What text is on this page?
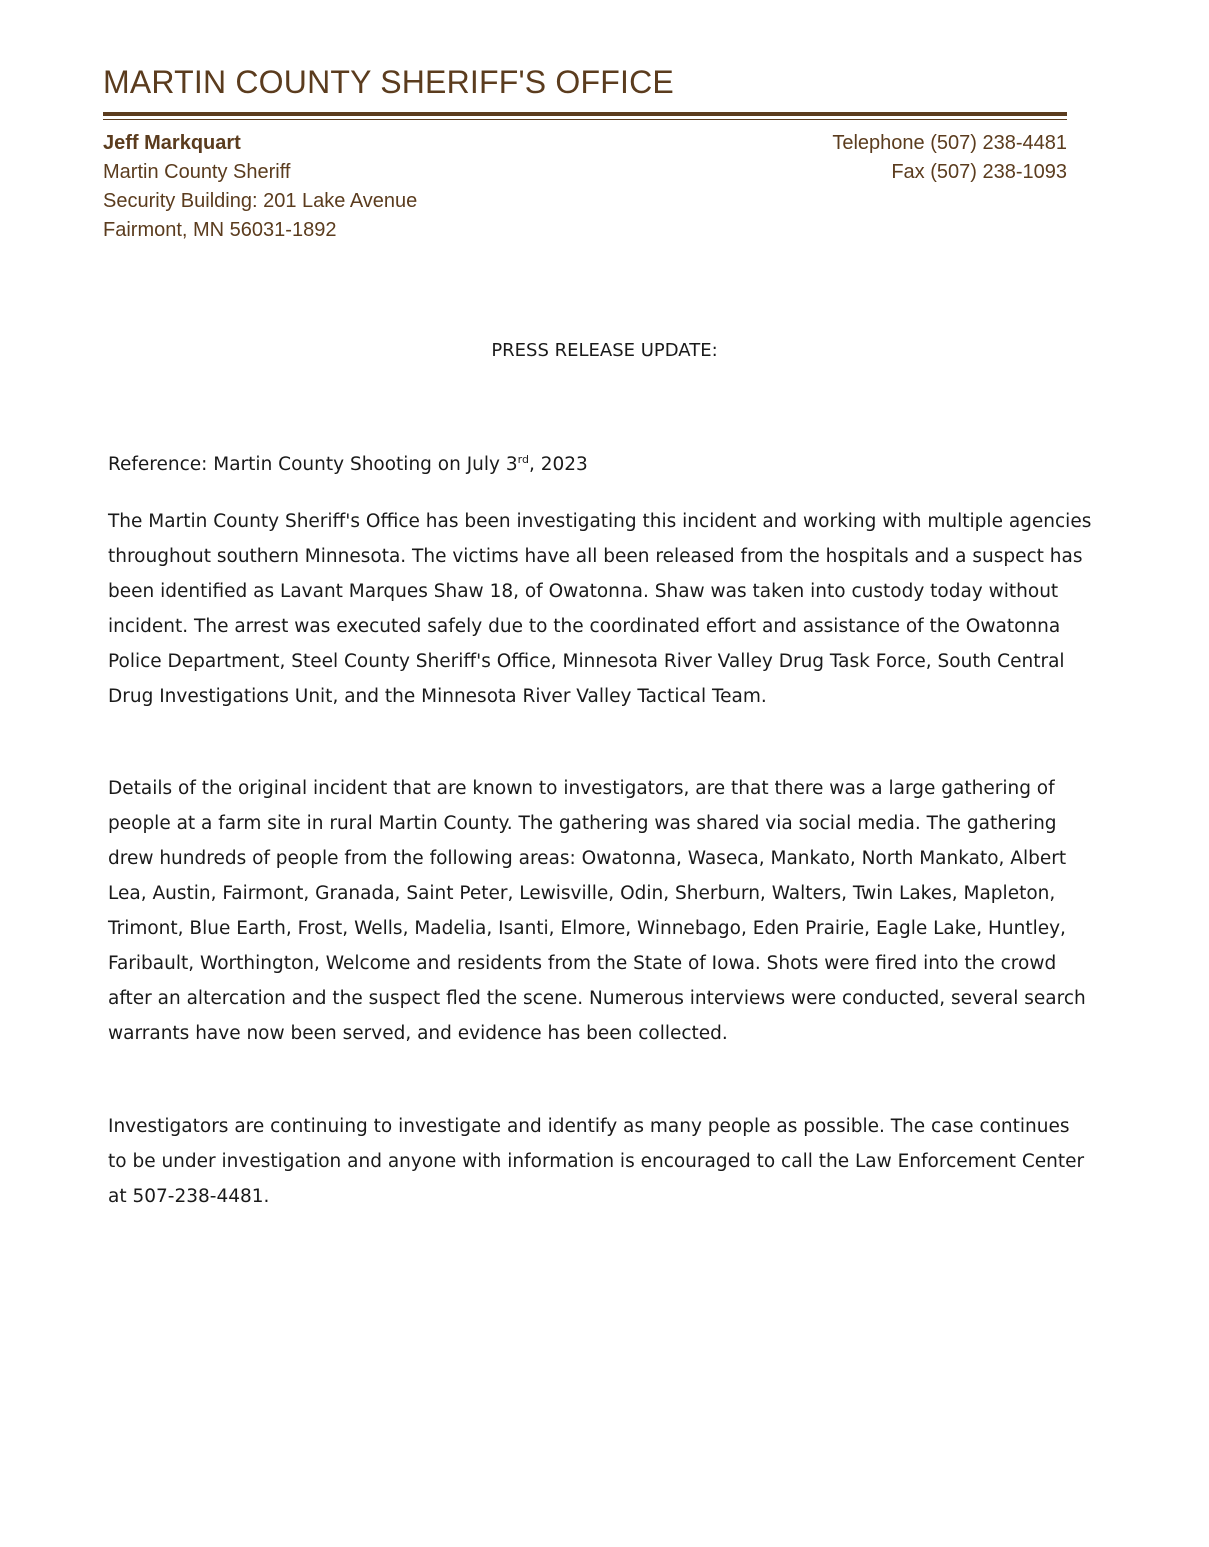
MARTIN COUNTY SHERIFF'S OFFICE
Jeff Markquart
Martin County Sheriff
Security Building: 201 Lake Avenue
Fairmont, MN 56031-1892
Telephone (507) 238-4481
Fax (507) 238-1093
PRESS RELEASE UPDATE:

Reference: Martin County Shooting on July 3rd, 2023

The Martin County Sheriff's Office has been investigating this incident and working with multiple agencies throughout southern Minnesota. The victims have all been released from the hospitals and a suspect has been identified as Lavant Marques Shaw 18, of Owatonna. Shaw was taken into custody today without incident. The arrest was executed safely due to the coordinated effort and assistance of the Owatonna Police Department, Steel County Sheriff's Office, Minnesota River Valley Drug Task Force, South Central Drug Investigations Unit, and the Minnesota River Valley Tactical Team.

Details of the original incident that are known to investigators, are that there was a large gathering of people at a farm site in rural Martin County. The gathering was shared via social media. The gathering drew hundreds of people from the following areas: Owatonna, Waseca, Mankato, North Mankato, Albert Lea, Austin, Fairmont, Granada, Saint Peter, Lewisville, Odin, Sherburn, Walters, Twin Lakes, Mapleton, Trimont, Blue Earth, Frost, Wells, Madelia, Isanti, Elmore, Winnebago, Eden Prairie, Eagle Lake, Huntley, Faribault, Worthington, Welcome and residents from the State of Iowa. Shots were fired into the crowd after an altercation and the suspect fled the scene. Numerous interviews were conducted, several search warrants have now been served, and evidence has been collected.

Investigators are continuing to investigate and identify as many people as possible. The case continues to be under investigation and anyone with information is encouraged to call the Law Enforcement Center at 507-238-4481.
